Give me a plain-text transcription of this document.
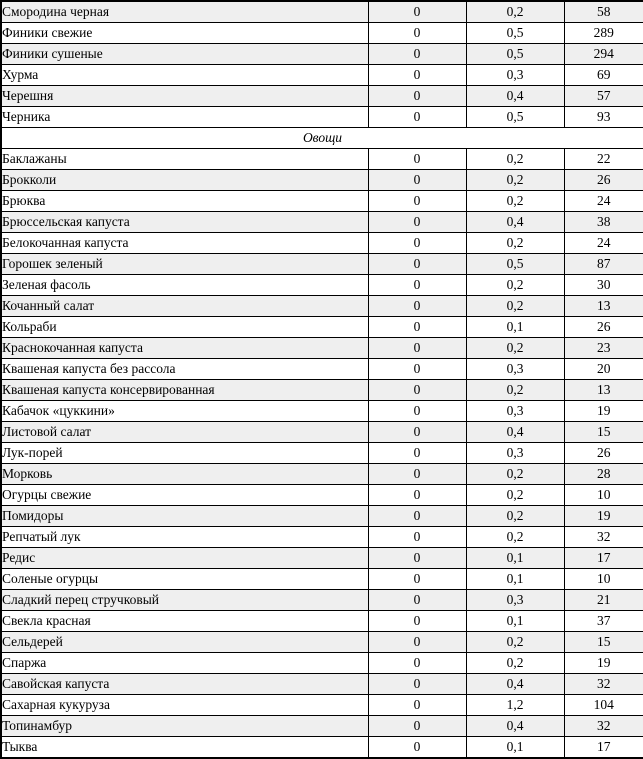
Смородина черная	0	0,2	58
Финики свежие	0	0,5	289
Финики сушеные	0	0,5	294
Хурма	0	0,3	69
Черешня	0	0,4	57
Черника	0	0,5	93
Овощи			
Баклажаны	0	0,2	22
Брокколи	0	0,2	26
Брюква	0	0,2	24
Брюссельская капуста	0	0,4	38
Белокочанная капуста	0	0,2	24
Горошек зеленый	0	0,5	87
Зеленая фасоль	0	0,2	30
Кочанный салат	0	0,2	13
Кольраби	0	0,1	26
Краснокочанная капуста	0	0,2	23
Квашеная капуста без рассола	0	0,3	20
Квашеная капуста консервированная	0	0,2	13
Кабачок «цуккини»	0	0,3	19
Листовой салат	0	0,4	15
Лук-порей	0	0,3	26
Морковь	0	0,2	28
Огурцы свежие	0	0,2	10
Помидоры	0	0,2	19
Репчатый лук	0	0,2	32
Редис	0	0,1	17
Соленые огурцы	0	0,1	10
Сладкий перец стручковый	0	0,3	21
Свекла красная	0	0,1	37
Сельдерей	0	0,2	15
Спаржа	0	0,2	19
Савойская капуста	0	0,4	32
Сахарная кукуруза	0	1,2	104
Топинамбур	0	0,4	32
Тыква	0	0,1	17
